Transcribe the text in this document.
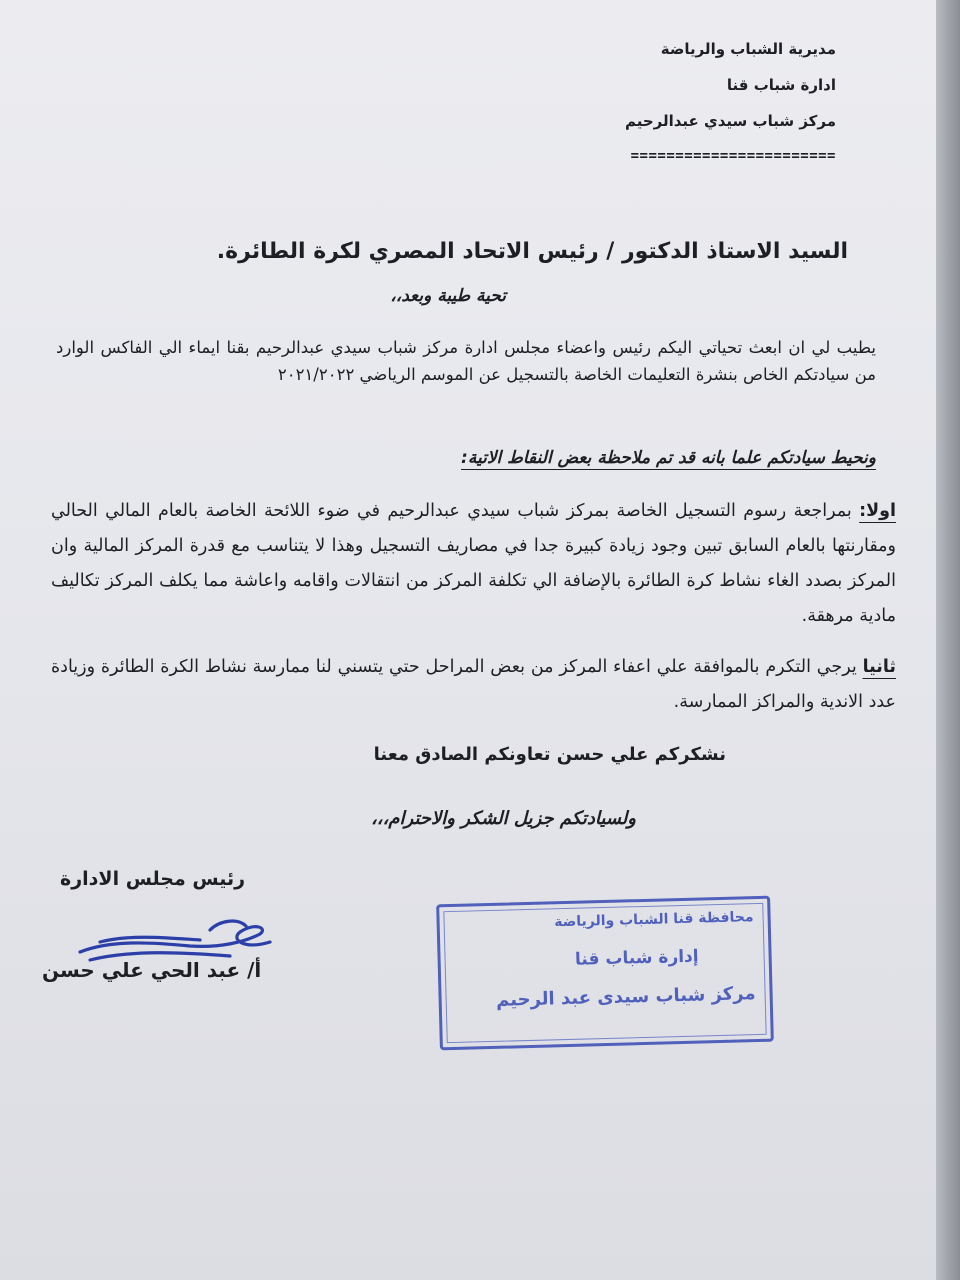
مديرية الشباب والرياضة
ادارة شباب قنا
مركز شباب سيدي عبدالرحيم
=======================
السيد الاستاذ الدكتور / رئيس الاتحاد المصري لكرة الطائرة.
تحية طيبة وبعد،،
يطيب لي ان ابعث تحياتي اليكم رئيس واعضاء مجلس ادارة مركز شباب سيدي عبدالرحيم بقنا ايماء الي الفاكس الوارد من سيادتكم الخاص بنشرة التعليمات الخاصة بالتسجيل عن الموسم الرياضي ٢٠٢١/٢٠٢٢
ونحيط سيادتكم علما بانه قد تم ملاحظة بعض النقاط الاتية:
اولا: بمراجعة رسوم التسجيل الخاصة بمركز شباب سيدي عبدالرحيم في ضوء اللائحة الخاصة بالعام المالي الحالي ومقارنتها بالعام السابق تبين وجود زيادة كبيرة جدا في مصاريف التسجيل وهذا لا يتناسب مع قدرة المركز المالية وان المركز بصدد الغاء نشاط كرة الطائرة بالإضافة الي تكلفة المركز من انتقالات واقامه واعاشة مما يكلف المركز تكاليف مادية مرهقة.
ثانيا يرجي التكرم بالموافقة علي اعفاء المركز من بعض المراحل حتي يتسني لنا ممارسة نشاط الكرة الطائرة وزيادة عدد الاندية والمراكز الممارسة.
نشكركم علي حسن تعاونكم الصادق معنا
ولسيادتكم جزيل الشكر والاحترام،،،
رئيس مجلس الادارة
أ/ عبد الحي علي حسن
محافظة قنا الشباب والرياضة
إدارة شباب قنا
مركز شباب سيدى عبد الرحيم
